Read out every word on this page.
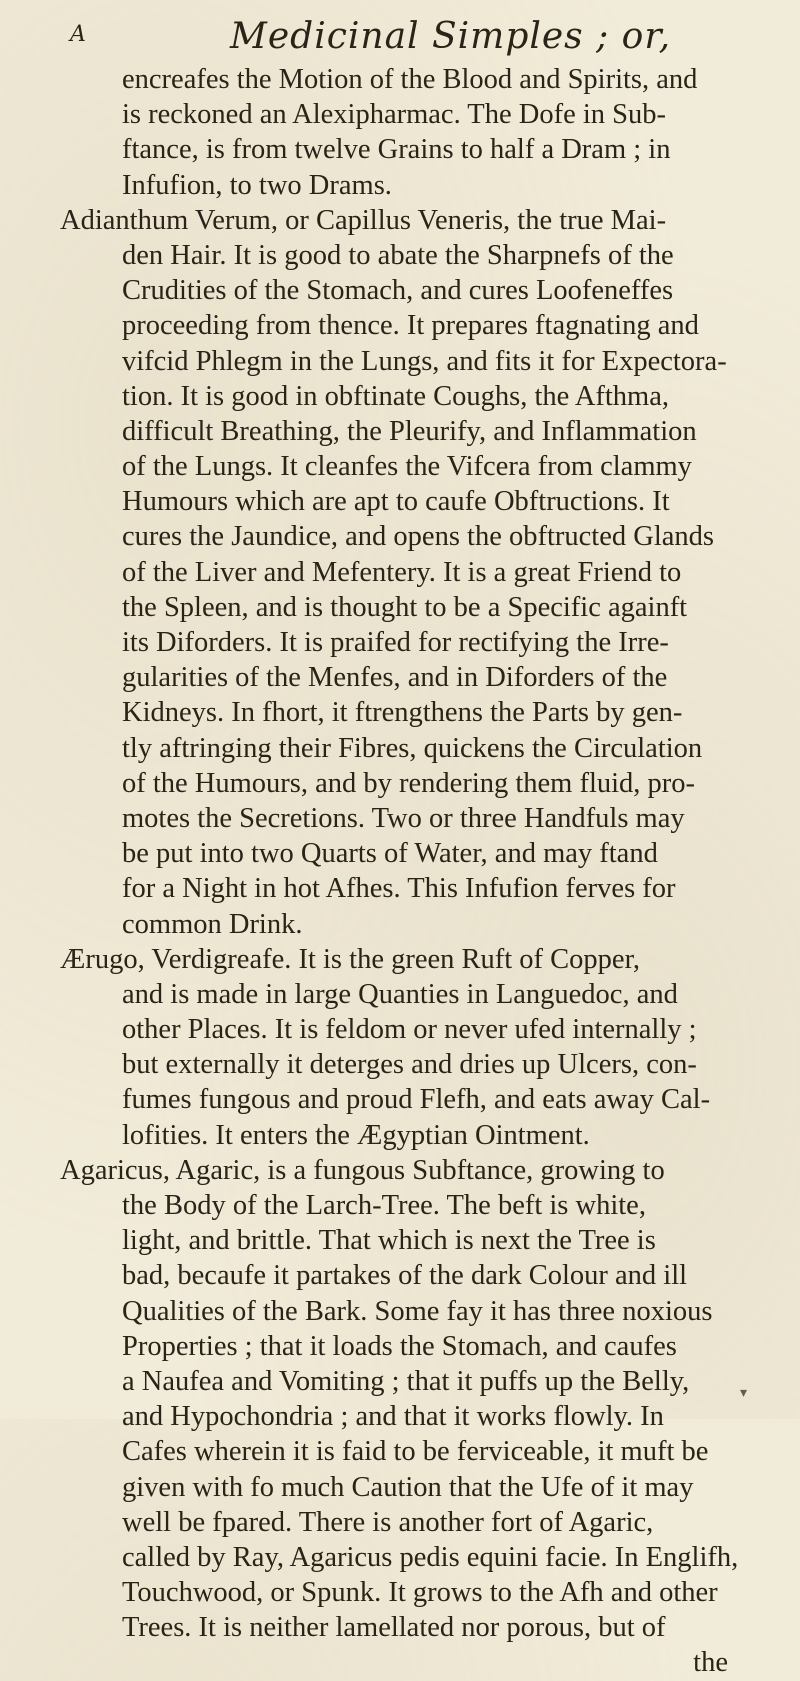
A	Medicinal Simples ; or,
encreafes the Motion of the Blood and Spirits, and
is reckoned an Alexipharmac. The Dofe in Sub-
ftance, is from twelve Grains to half a Dram ; in
Infufion, to two Drams.
Adianthum Verum, or Capillus Veneris, the true Mai-
den Hair. It is good to abate the Sharpnefs of the
Crudities of the Stomach, and cures Loofeneffes
proceeding from thence. It prepares ftagnating and
vifcid Phlegm in the Lungs, and fits it for Expectora-
tion. It is good in obftinate Coughs, the Afthma,
difficult Breathing, the Pleurify, and Inflammation
of the Lungs. It cleanfes the Vifcera from clammy
Humours which are apt to caufe Obftructions. It
cures the Jaundice, and opens the obftructed Glands
of the Liver and Mefentery. It is a great Friend to
the Spleen, and is thought to be a Specific againft
its Diforders. It is praifed for rectifying the Irre-
gularities of the Menfes, and in Diforders of the
Kidneys. In fhort, it ftrengthens the Parts by gen-
tly aftringing their Fibres, quickens the Circulation
of the Humours, and by rendering them fluid, pro-
motes the Secretions. Two or three Handfuls may
be put into two Quarts of Water, and may ftand
for a Night in hot Afhes. This Infufion ferves for
common Drink.
Ærugo, Verdigreafe. It is the green Ruft of Copper,
and is made in large Quanties in Languedoc, and
other Places. It is feldom or never ufed internally ;
but externally it deterges and dries up Ulcers, con-
fumes fungous and proud Flefh, and eats away Cal-
lofities. It enters the Ægyptian Ointment.
Agaricus, Agaric, is a fungous Subftance, growing to
the Body of the Larch-Tree. The beft is white,
light, and brittle. That which is next the Tree is
bad, becaufe it partakes of the dark Colour and ill
Qualities of the Bark. Some fay it has three noxious
Properties ; that it loads the Stomach, and caufes
a Naufea and Vomiting ; that it puffs up the Belly,
and Hypochondria ; and that it works flowly. In
Cafes wherein it is faid to be ferviceable, it muft be
given with fo much Caution that the Ufe of it may
well be fpared. There is another fort of Agaric,
called by Ray, Agaricus pedis equini facie. In Englifh,
Touchwood, or Spunk. It grows to the Afh and other
Trees. It is neither lamellated nor porous, but of
the
▾
